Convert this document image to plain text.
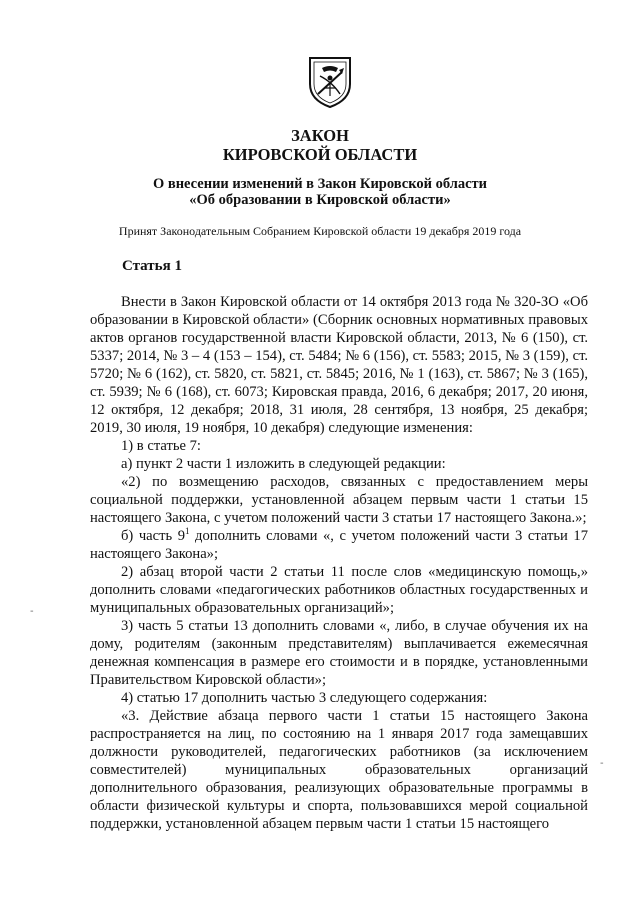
ЗАКОН
КИРОВСКОЙ ОБЛАСТИ
О внесении изменений в Закон Кировской области
«Об образовании в Кировской области»
Принят Законодательным Собранием Кировской области 19 декабря 2019 года
Статья 1

Внести в Закон Кировской области от 14 октября 2013 года № 320-ЗО «Об образовании в Кировской области» (Сборник основных нормативных правовых актов органов государственной власти Кировской области, 2013, № 6 (150), ст. 5337; 2014, № 3 – 4 (153 – 154), ст. 5484; № 6 (156), ст. 5583; 2015, № 3 (159), ст. 5720; № 6 (162), ст. 5820, ст. 5821, ст. 5845; 2016, № 1 (163), ст. 5867; № 3 (165), ст. 5939; № 6 (168), ст. 6073; Кировская правда, 2016, 6 декабря; 2017, 20 июня, 12 октября, 12 декабря; 2018, 31 июля, 28 сентября, 13 ноября, 25 декабря; 2019, 30 июля, 19 ноября, 10 декабря) следующие изменения:

1) в статье 7:

а) пункт 2 части 1 изложить в следующей редакции:

«2) по возмещению расходов, связанных с предоставлением меры социальной поддержки, установленной абзацем первым части 1 статьи 15 настоящего Закона, с учетом положений части 3 статьи 17 настоящего Закона.»;

б) часть $9^1$ дополнить словами «, с учетом положений части 3 статьи 17 настоящего Закона»;

2) абзац второй части 2 статьи 11 после слов «медицинскую помощь,» дополнить словами «педагогических работников областных государственных и муниципальных образовательных организаций»;

3) часть 5 статьи 13 дополнить словами «, либо, в случае обучения их на дому, родителям (законным представителям) выплачивается ежемесячная денежная компенсация в размере его стоимости и в порядке, установленными Правительством Кировской области»;

4) статью 17 дополнить частью 3 следующего содержания:

«3. Действие абзаца первого части 1 статьи 15 настоящего Закона распространяется на лиц, по состоянию на 1 января 2017 года замещавших должности руководителей, педагогических работников (за исключением совместителей) муниципальных образовательных организаций дополнительного образования, реализующих образовательные программы в области физической культуры и спорта, пользовавшихся мерой социальной поддержки, установленной абзацем первым части 1 статьи 15 настоящего

-
-
